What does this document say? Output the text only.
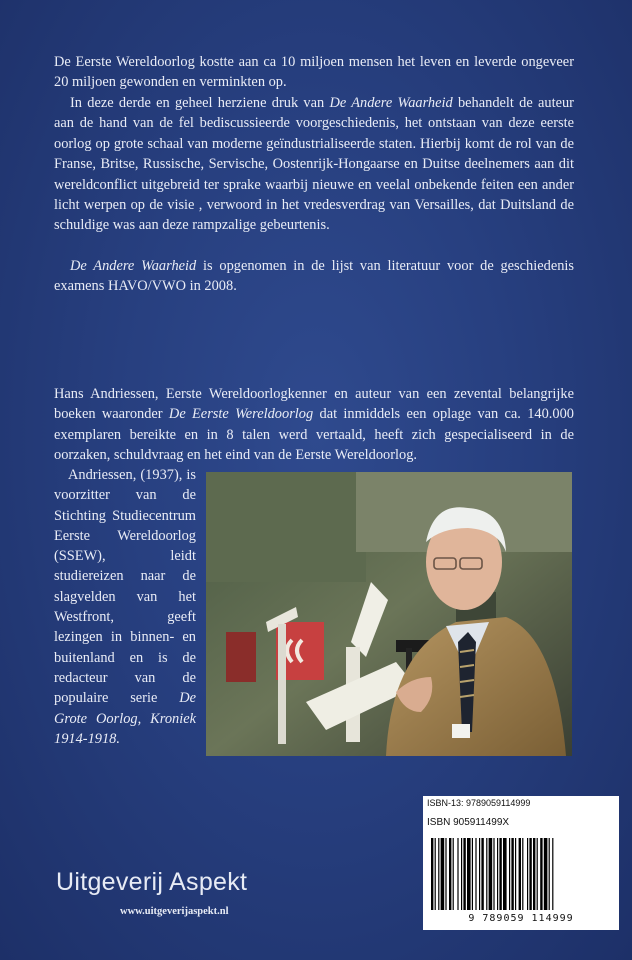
De Eerste Wereldoorlog kostte aan ca 10 miljoen mensen het leven en leverde ongeveer 20 miljoen gewonden en verminkten op.

In deze derde en geheel herziene druk van De Andere Waarheid behandelt de auteur aan de hand van de fel bediscussieerde voorgeschiedenis, het ontstaan van deze eerste oorlog op grote schaal van moderne geïndustrialiseerde staten. Hierbij komt de rol van de Franse, Britse, Russische, Servische, Oostenrijk-Hongaarse en Duitse deelnemers aan dit wereldconflict uitgebreid ter sprake waarbij nieuwe en veelal onbekende feiten een ander licht werpen op de visie , verwoord in het vredesverdrag van Versailles, dat Duitsland de schuldige was aan deze rampzalige gebeurtenis.

De Andere Waarheid is opgenomen in de lijst van literatuur voor de geschiedenis examens HAVO/VWO in 2008.

Hans Andriessen, Eerste Wereldoorlogkenner en auteur van een zevental belangrijke boeken waaronder De Eerste Wereldoorlog dat inmiddels een oplage van ca. 140.000 exemplaren bereikte en in 8 talen werd vertaald, heeft zich gespecialiseerd in de oorzaken, schuldvraag en het eind van de Eerste Wereldoorlog.

Andriessen, (1937), is voorzitter van de Stichting Studiecentrum Eerste Wereldoorlog (SSEW), leidt studiereizen naar de slagvelden van het Westfront, geeft lezingen in binnen- en buitenland en is de redacteur van de populaire serie De Grote Oorlog, Kroniek 1914-1918.

ISBN-13: 9789059114999
ISBN 905911499X
9 789059 114999
Uitgeverij Aspekt
www.uitgeverijaspekt.nl
